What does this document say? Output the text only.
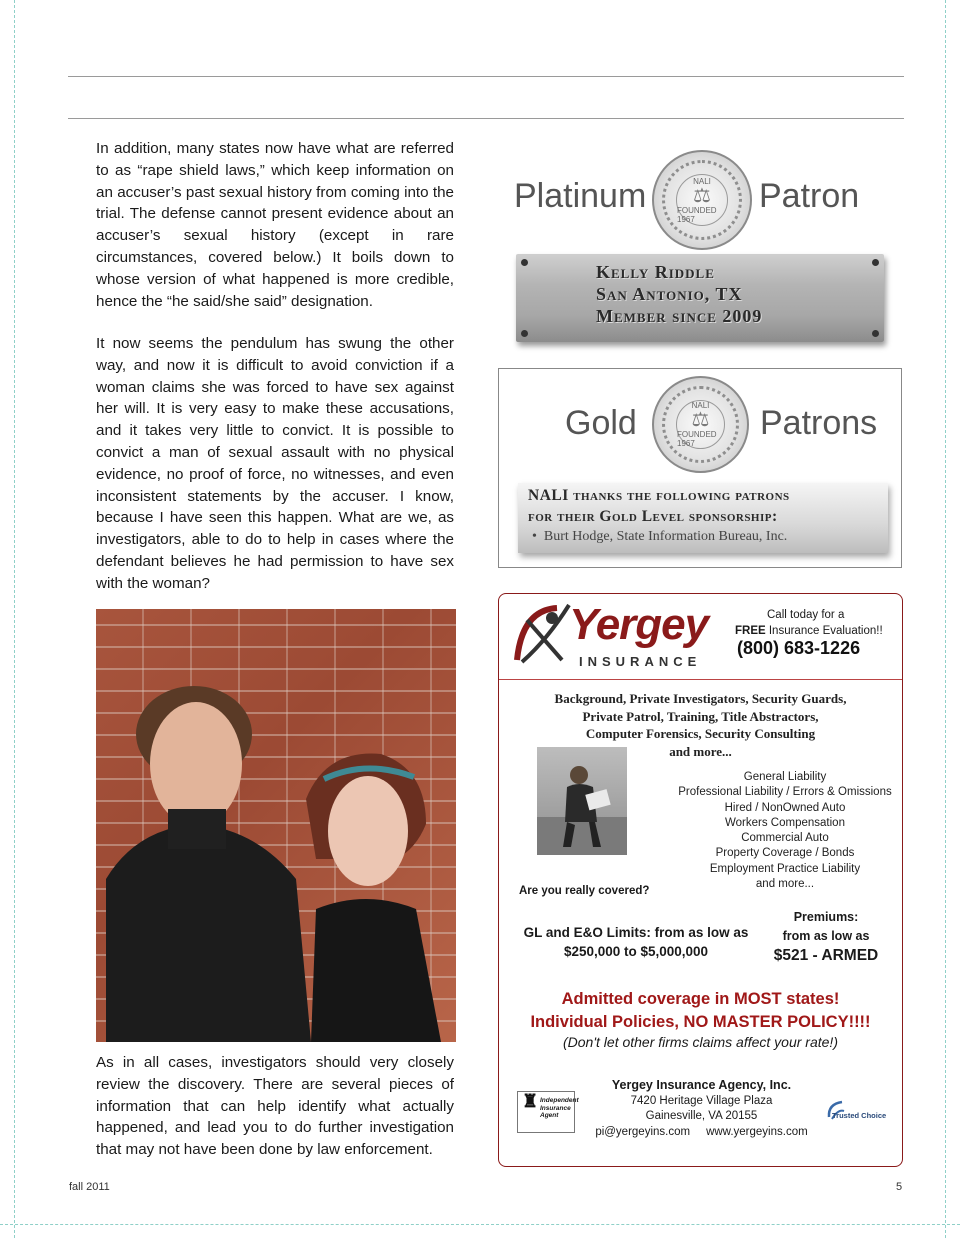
In addition, many states now have what are referred to as “rape shield laws,” which keep information on an accuser’s past sexual history from coming into the trial. The defense cannot present evidence about an accuser’s sexual history (except in rare circumstances, covered below.) It boils down to whose version of what happened is more credible, hence the “he said/she said” designation.

It now seems the pendulum has swung the other way, and now it is difficult to avoid conviction if a woman claims she was forced to have sex against her will. It is very easy to make these accusations, and it takes very little to convict. It is possible to convict a man of sexual assault with no physical evidence, no proof of force, no witnesses, and even inconsistent statements by the accuser. I know, because I have seen this happen. What are we, as investigators, able to do to help in cases where the defendant believes he had permission to have sex with the woman?

As in all cases, investigators should very closely review the discovery. There are several pieces of information that can help identify what actually happened, and lead you to do further investigation that may not have been done by law enforcement.

Platinum	NALI
⚖
FOUNDED 1967
Patron
Kelly Riddle
San Antonio, TX
Member since 2009
Gold	NALI
⚖
FOUNDED 1967
Patrons
NALI thanks the following patrons
for their Gold Level sponsorship:
•  Burt Hodge, State Information Bureau, Inc.
Yergey
INSURANCE
Call today for a
FREE Insurance Evaluation!!
(800) 683-1226
Background, Private Investigators, Security Guards,
Private Patrol, Training, Title Abstractors,
Computer Forensics, Security Consulting
and more...
General Liability
Professional Liability / Errors & Omissions
Hired / NonOwned Auto
Workers Compensation
Commercial Auto
Property Coverage / Bonds
Employment Practice Liability
and more...
Are you really covered?
GL and E&O Limits: from as low as
$250,000 to $5,000,000
Premiums:
from as low as
$521 - ARMED
Admitted coverage in MOST states!
Individual Policies, NO MASTER POLICY!!!!
(Don't let other firms claims affect your rate!)
♜ Independent Insurance Agent
Yergey Insurance Agency, Inc.
7420 Heritage Village Plaza
Gainesville, VA 20155
pi@yergeyins.com www.yergeyins.com
Trusted Choice
fall 2011	5
